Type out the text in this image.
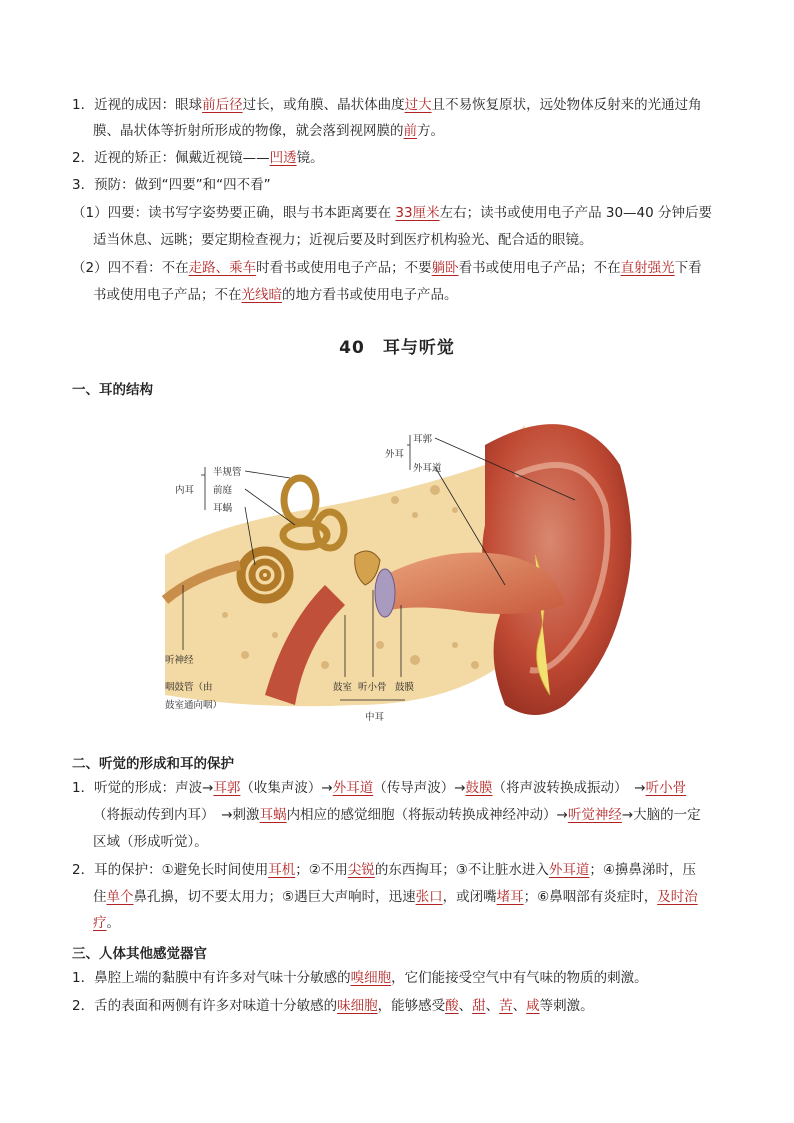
1．近视的成因：眼球前后径过长，或角膜、晶状体曲度过大且不易恢复原状，远处物体反射来的光通过角
膜、晶状体等折射所形成的物像，就会落到视网膜的前方。
2．近视的矫正：佩戴近视镜——凹透镜。
3．预防：做到“四要”和“四不看”
（1）四要：读书写字姿势要正确，眼与书本距离要在 33厘米左右；读书或使用电子产品 30—40 分钟后要
适当休息、远眺；要定期检查视力；近视后要及时到医疗机构验光、配合适的眼镜。
（2）四不看：不在走路、乘车时看书或使用电子产品；不要躺卧看书或使用电子产品；不在直射强光下看
书或使用电子产品；不在光线暗的地方看书或使用电子产品。
40　耳与听觉
一、耳的结构
半规管
前庭
耳蜗
内耳
耳郭
外耳道
外耳
听神经
咽鼓管（由
鼓室通向咽）
鼓室 听小骨 鼓膜
中耳
二、听觉的形成和耳的保护
1．听觉的形成：声波→耳郭（收集声波）→外耳道（传导声波）→鼓膜（将声波转换成振动）　→听小骨
（将振动传到内耳）　→刺激耳蜗内相应的感觉细胞（将振动转换成神经冲动）→听觉神经→大脑的一定
区域（形成听觉）。
2．耳的保护：①避免长时间使用耳机；②不用尖锐的东西掏耳；③不让脏水进入外耳道；④擤鼻涕时，压
住单个鼻孔擤，切不要太用力；⑤遇巨大声响时，迅速张口，或闭嘴堵耳；⑥鼻咽部有炎症时，及时治
疗。
三、人体其他感觉器官
1．鼻腔上端的黏膜中有许多对气味十分敏感的嗅细胞，它们能接受空气中有气味的物质的刺激。
2．舌的表面和两侧有许多对味道十分敏感的味细胞，能够感受酸、甜、苦、咸等刺激。
